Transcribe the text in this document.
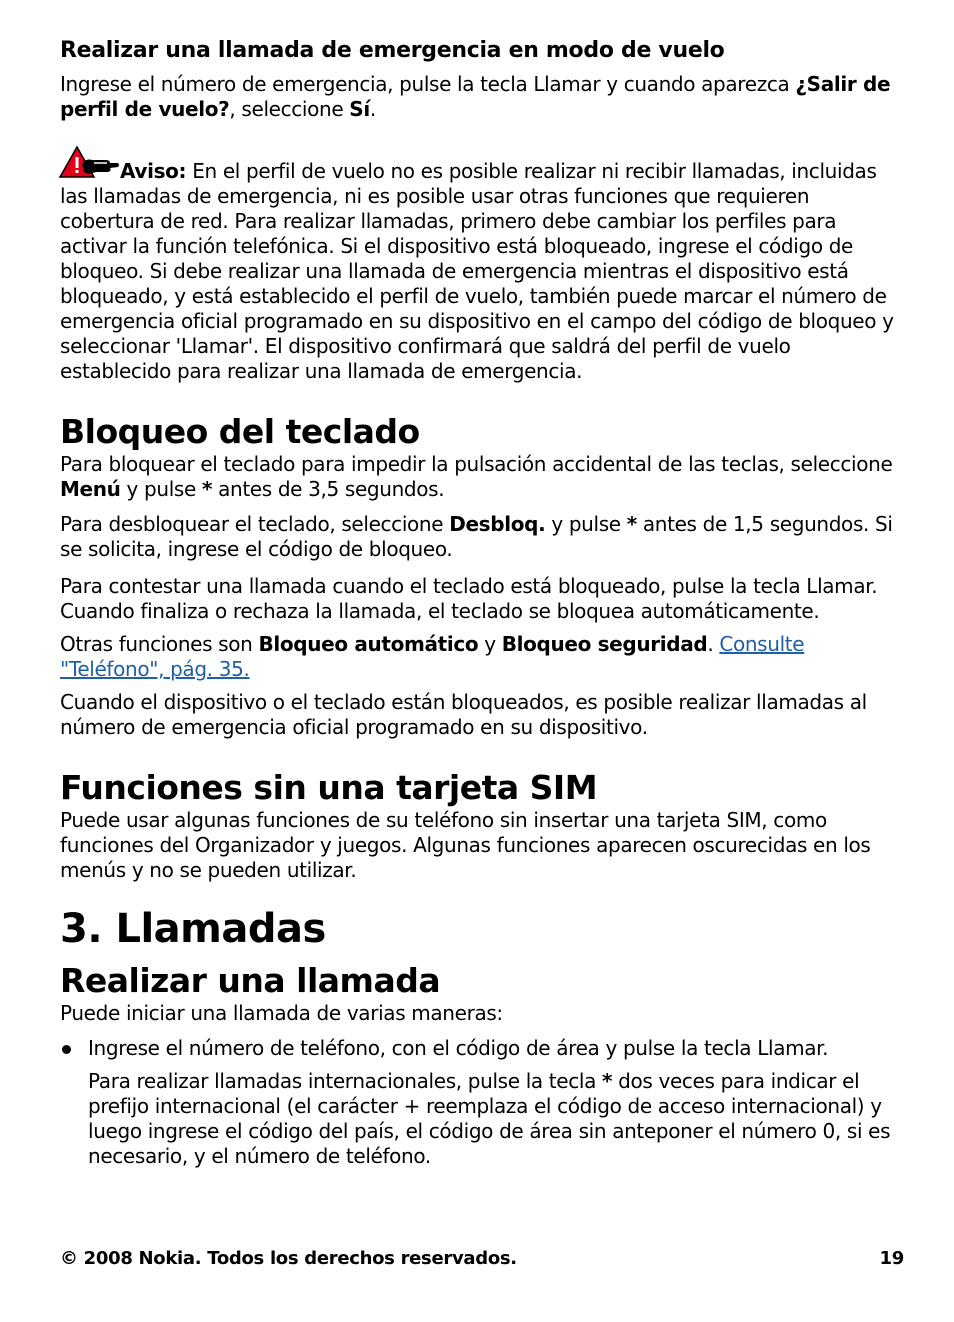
Realizar una llamada de emergencia en modo de vuelo

Ingrese el número de emergencia, pulse la tecla Llamar y cuando aparezca ¿Salir de perfil de vuelo?, seleccione Sí.

Aviso: En el perfil de vuelo no es posible realizar ni recibir llamadas, incluidas las llamadas de emergencia, ni es posible usar otras funciones que requieren cobertura de red. Para realizar llamadas, primero debe cambiar los perfiles para activar la función telefónica. Si el dispositivo está bloqueado, ingrese el código de bloqueo. Si debe realizar una llamada de emergencia mientras el dispositivo está bloqueado, y está establecido el perfil de vuelo, también puede marcar el número de emergencia oficial programado en su dispositivo en el campo del código de bloqueo y seleccionar 'Llamar'. El dispositivo confirmará que saldrá del perfil de vuelo establecido para realizar una llamada de emergencia.

Bloqueo del teclado

Para bloquear el teclado para impedir la pulsación accidental de las teclas, seleccione Menú y pulse * antes de 3,5 segundos.

Para desbloquear el teclado, seleccione Desbloq. y pulse * antes de 1,5 segundos. Si se solicita, ingrese el código de bloqueo.

Para contestar una llamada cuando el teclado está bloqueado, pulse la tecla Llamar. Cuando finaliza o rechaza la llamada, el teclado se bloquea automáticamente.

Otras funciones son Bloqueo automático y Bloqueo seguridad. Consulte "Teléfono", pág. 35.

Cuando el dispositivo o el teclado están bloqueados, es posible realizar llamadas al número de emergencia oficial programado en su dispositivo.

Funciones sin una tarjeta SIM

Puede usar algunas funciones de su teléfono sin insertar una tarjeta SIM, como funciones del Organizador y juegos. Algunas funciones aparecen oscurecidas en los menús y no se pueden utilizar.

3. Llamadas
Realizar una llamada

Puede iniciar una llamada de varias maneras:

Ingrese el número de teléfono, con el código de área y pulse la tecla Llamar.

Para realizar llamadas internacionales, pulse la tecla * dos veces para indicar el prefijo internacional (el carácter + reemplaza el código de acceso internacional) y luego ingrese el código del país, el código de área sin anteponer el número 0, si es necesario, y el número de teléfono.

© 2008 Nokia. Todos los derechos reservados.	19
